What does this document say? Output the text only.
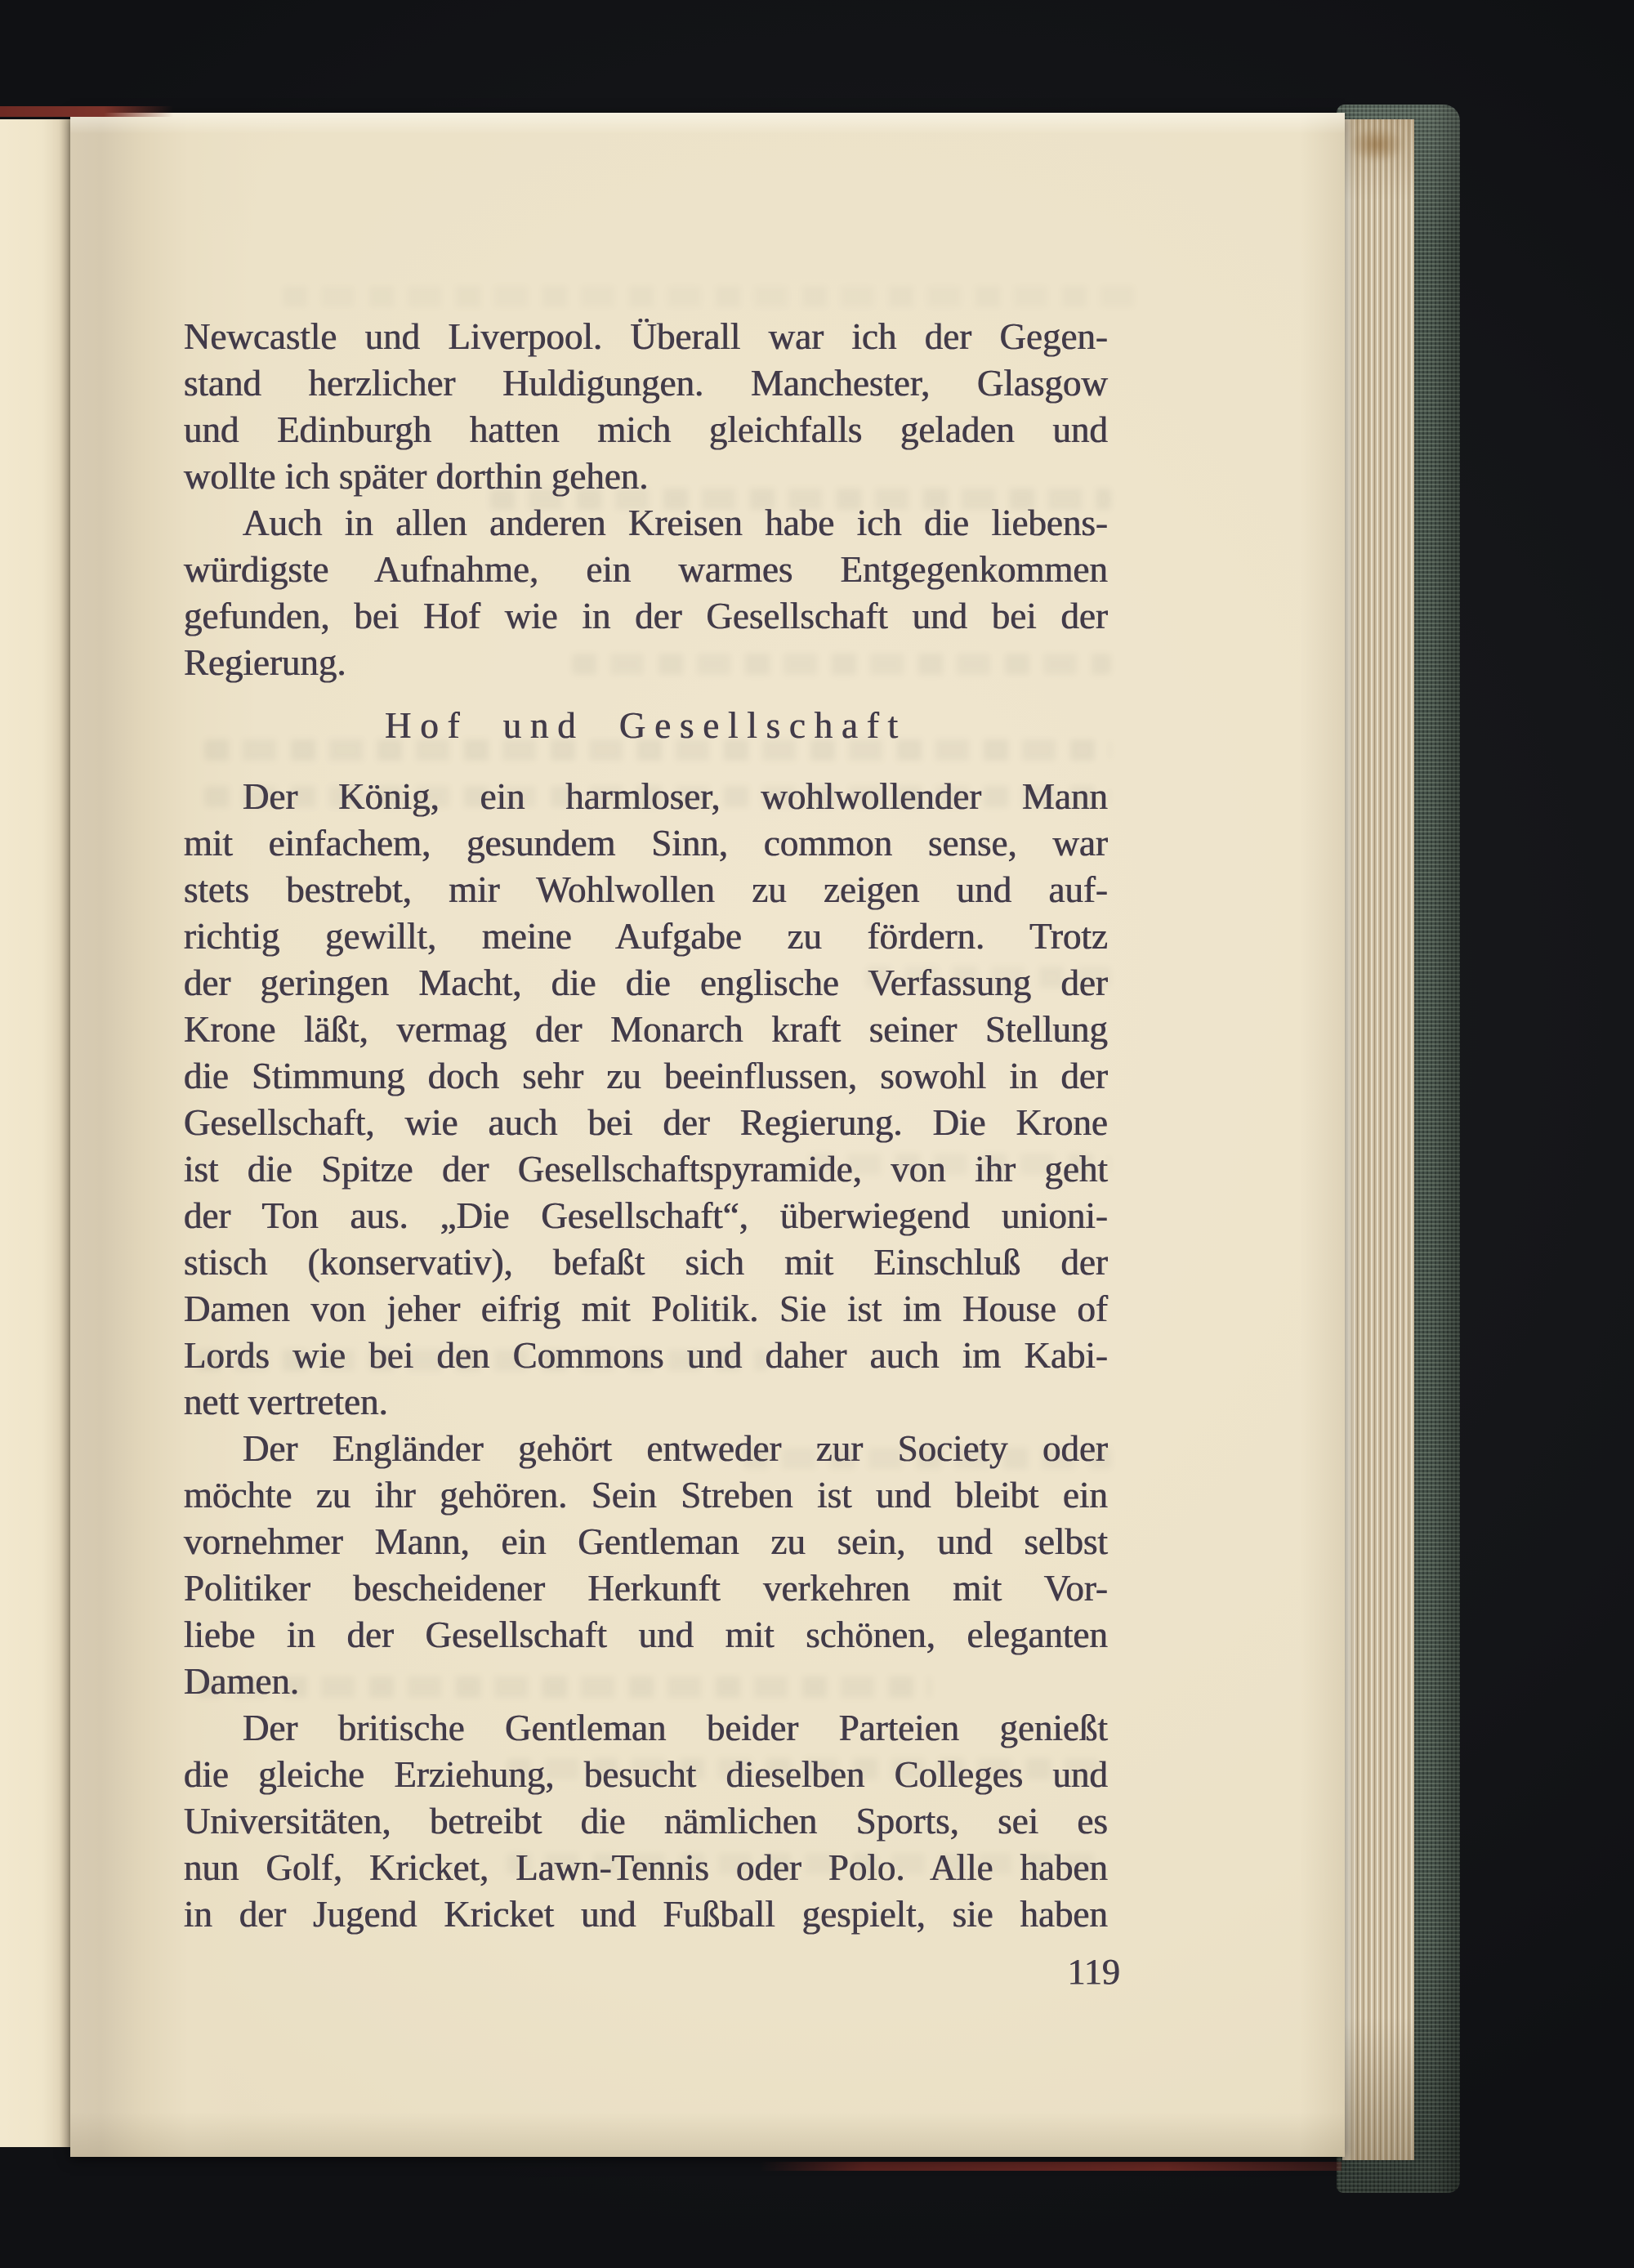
Newcastle und Liverpool. Überall war ich der Gegen-
stand herzlicher Huldigungen. Manchester, Glasgow
und Edinburgh hatten mich gleichfalls geladen und
wollte ich später dorthin gehen.
Auch in allen anderen Kreisen habe ich die liebens-
würdigste Aufnahme, ein warmes Entgegenkommen
gefunden, bei Hof wie in der Gesellschaft und bei der
Regierung.
Hof und Gesellschaft
Der König, ein harmloser, wohlwollender Mann
mit einfachem, gesundem Sinn, common sense, war
stets bestrebt, mir Wohlwollen zu zeigen und auf-
richtig gewillt, meine Aufgabe zu fördern. Trotz
der geringen Macht, die die englische Verfassung der
Krone läßt, vermag der Monarch kraft seiner Stellung
die Stimmung doch sehr zu beeinflussen, sowohl in der
Gesellschaft, wie auch bei der Regierung. Die Krone
ist die Spitze der Gesellschaftspyramide, von ihr geht
der Ton aus. „Die Gesellschaft“, überwiegend unioni-
stisch (konservativ), befaßt sich mit Einschluß der
Damen von jeher eifrig mit Politik. Sie ist im House of
Lords wie bei den Commons und daher auch im Kabi-
nett vertreten.
Der Engländer gehört entweder zur Society oder
möchte zu ihr gehören. Sein Streben ist und bleibt ein
vornehmer Mann, ein Gentleman zu sein, und selbst
Politiker bescheidener Herkunft verkehren mit Vor-
liebe in der Gesellschaft und mit schönen, eleganten
Damen.
Der britische Gentleman beider Parteien genießt
die gleiche Erziehung, besucht dieselben Colleges und
Universitäten, betreibt die nämlichen Sports, sei es
nun Golf, Kricket, Lawn-Tennis oder Polo. Alle haben
in der Jugend Kricket und Fußball gespielt, sie haben
119
